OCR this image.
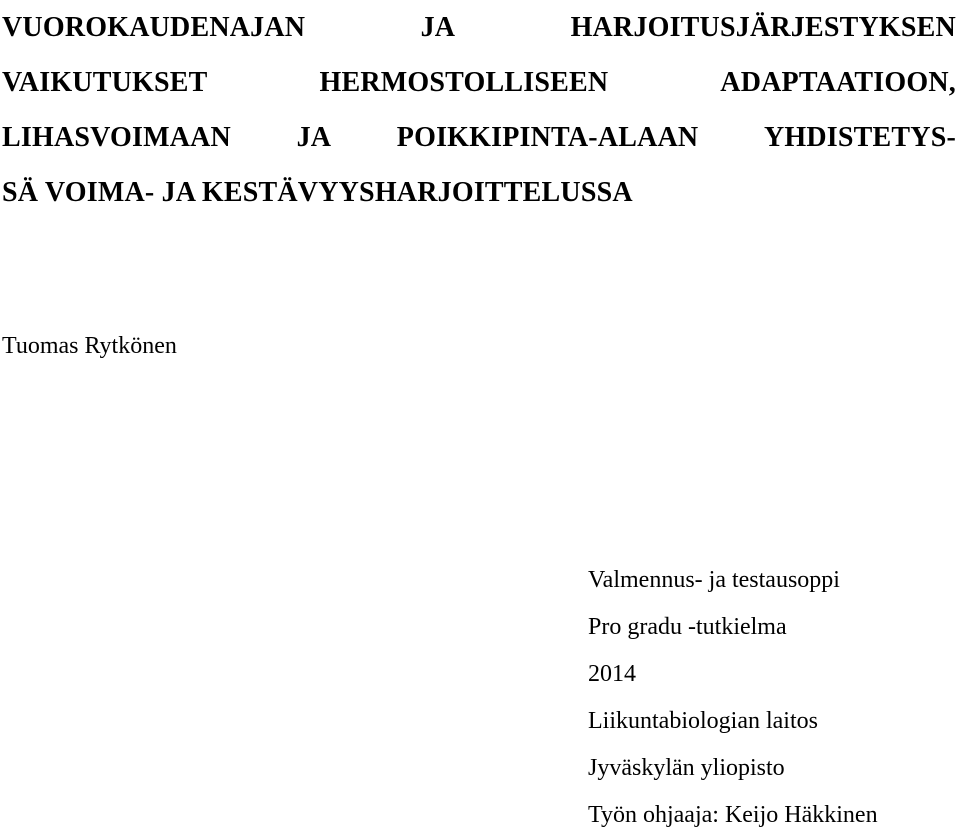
VUOROKAUDENAJAN	JA	HARJOITUSJÄRJESTYKSEN
VAIKUTUKSET	HERMOSTOLLISEEN	ADAPTAATIOON,
LIHASVOIMAAN JA POIKKIPINTA-ALAAN YHDISTETYS-
SÄ VOIMA- JA KESTÄVYYSHARJOITTELUSSA

Tuomas Rytkönen

Valmennus- ja testausoppi
Pro gradu -tutkielma
2014
Liikuntabiologian laitos
Jyväskylän yliopisto
Työn ohjaaja: Keijo Häkkinen
